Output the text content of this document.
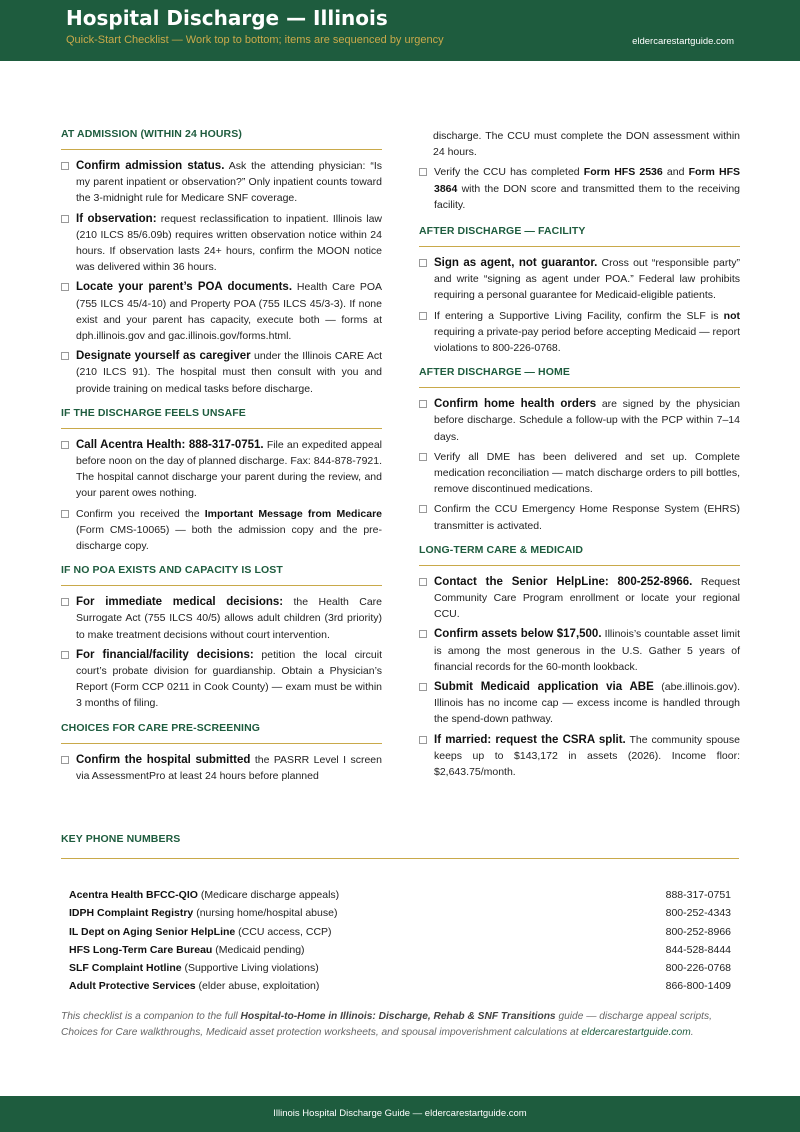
Hospital Discharge — Illinois
Quick-Start Checklist — Work top to bottom; items are sequenced by urgency	eldercarestartguide.com
AT ADMISSION (WITHIN 24 HOURS)
Confirm admission status. Ask the attending physician: “Is my parent inpatient or observation?” Only inpatient counts toward the 3-midnight rule for Medicare SNF coverage.
If observation: request reclassification to inpatient. Illinois law (210 ILCS 85/6.09b) requires written observation notice within 24 hours. If observation lasts 24+ hours, confirm the MOON notice was delivered within 36 hours.
Locate your parent’s POA documents. Health Care POA (755 ILCS 45/4-10) and Property POA (755 ILCS 45/3-3). If none exist and your parent has capacity, execute both — forms at dph.illinois.gov and gac.illinois.gov/forms.html.
Designate yourself as caregiver under the Illinois CARE Act (210 ILCS 91). The hospital must then consult with you and provide training on medical tasks before discharge.
IF THE DISCHARGE FEELS UNSAFE
Call Acentra Health: 888-317-0751. File an expedited appeal before noon on the day of planned discharge. Fax: 844-878-7921. The hospital cannot discharge your parent during the review, and your parent owes nothing.
Confirm you received the Important Message from Medicare (Form CMS-10065) — both the admission copy and the pre-discharge copy.
IF NO POA EXISTS AND CAPACITY IS LOST
For immediate medical decisions: the Health Care Surrogate Act (755 ILCS 40/5) allows adult children (3rd priority) to make treatment decisions without court intervention.
For financial/facility decisions: petition the local circuit court’s probate division for guardianship. Obtain a Physician’s Report (Form CCP 0211 in Cook County) — exam must be within 3 months of filing.
CHOICES FOR CARE PRE-SCREENING
Confirm the hospital submitted the PASRR Level I screen via AssessmentPro at least 24 hours before planned
discharge. The CCU must complete the DON assessment within 24 hours.
Verify the CCU has completed Form HFS 2536 and Form HFS 3864 with the DON score and transmitted them to the receiving facility.
AFTER DISCHARGE — FACILITY
Sign as agent, not guarantor. Cross out “responsible party” and write “signing as agent under POA.” Federal law prohibits requiring a personal guarantee for Medicaid-eligible patients.
If entering a Supportive Living Facility, confirm the SLF is not requiring a private-pay period before accepting Medicaid — report violations to 800-226-0768.
AFTER DISCHARGE — HOME
Confirm home health orders are signed by the physician before discharge. Schedule a follow-up with the PCP within 7–14 days.
Verify all DME has been delivered and set up. Complete medication reconciliation — match discharge orders to pill bottles, remove discontinued medications.
Confirm the CCU Emergency Home Response System (EHRS) transmitter is activated.
LONG-TERM CARE & MEDICAID
Contact the Senior HelpLine: 800-252-8966. Request Community Care Program enrollment or locate your regional CCU.
Confirm assets below $17,500. Illinois’s countable asset limit is among the most generous in the U.S. Gather 5 years of financial records for the 60-month lookback.
Submit Medicaid application via ABE (abe.illinois.gov). Illinois has no income cap — excess income is handled through the spend-down pathway.
If married: request the CSRA split. The community spouse keeps up to $143,172 in assets (2026). Income floor: $2,643.75/month.
KEY PHONE NUMBERS
Acentra Health BFCC-QIO (Medicare discharge appeals)	888-317-0751
IDPH Complaint Registry (nursing home/hospital abuse)	800-252-4343
IL Dept on Aging Senior HelpLine (CCU access, CCP)	800-252-8966
HFS Long-Term Care Bureau (Medicaid pending)	844-528-8444
SLF Complaint Hotline (Supportive Living violations)	800-226-0768
Adult Protective Services (elder abuse, exploitation)	866-800-1409
This checklist is a companion to the full Hospital-to-Home in Illinois: Discharge, Rehab & SNF Transitions guide — discharge appeal scripts, Choices for Care walkthroughs, Medicaid asset protection worksheets, and spousal impoverishment calculations at eldercarestartguide.com.
Illinois Hospital Discharge Guide — eldercarestartguide.com
